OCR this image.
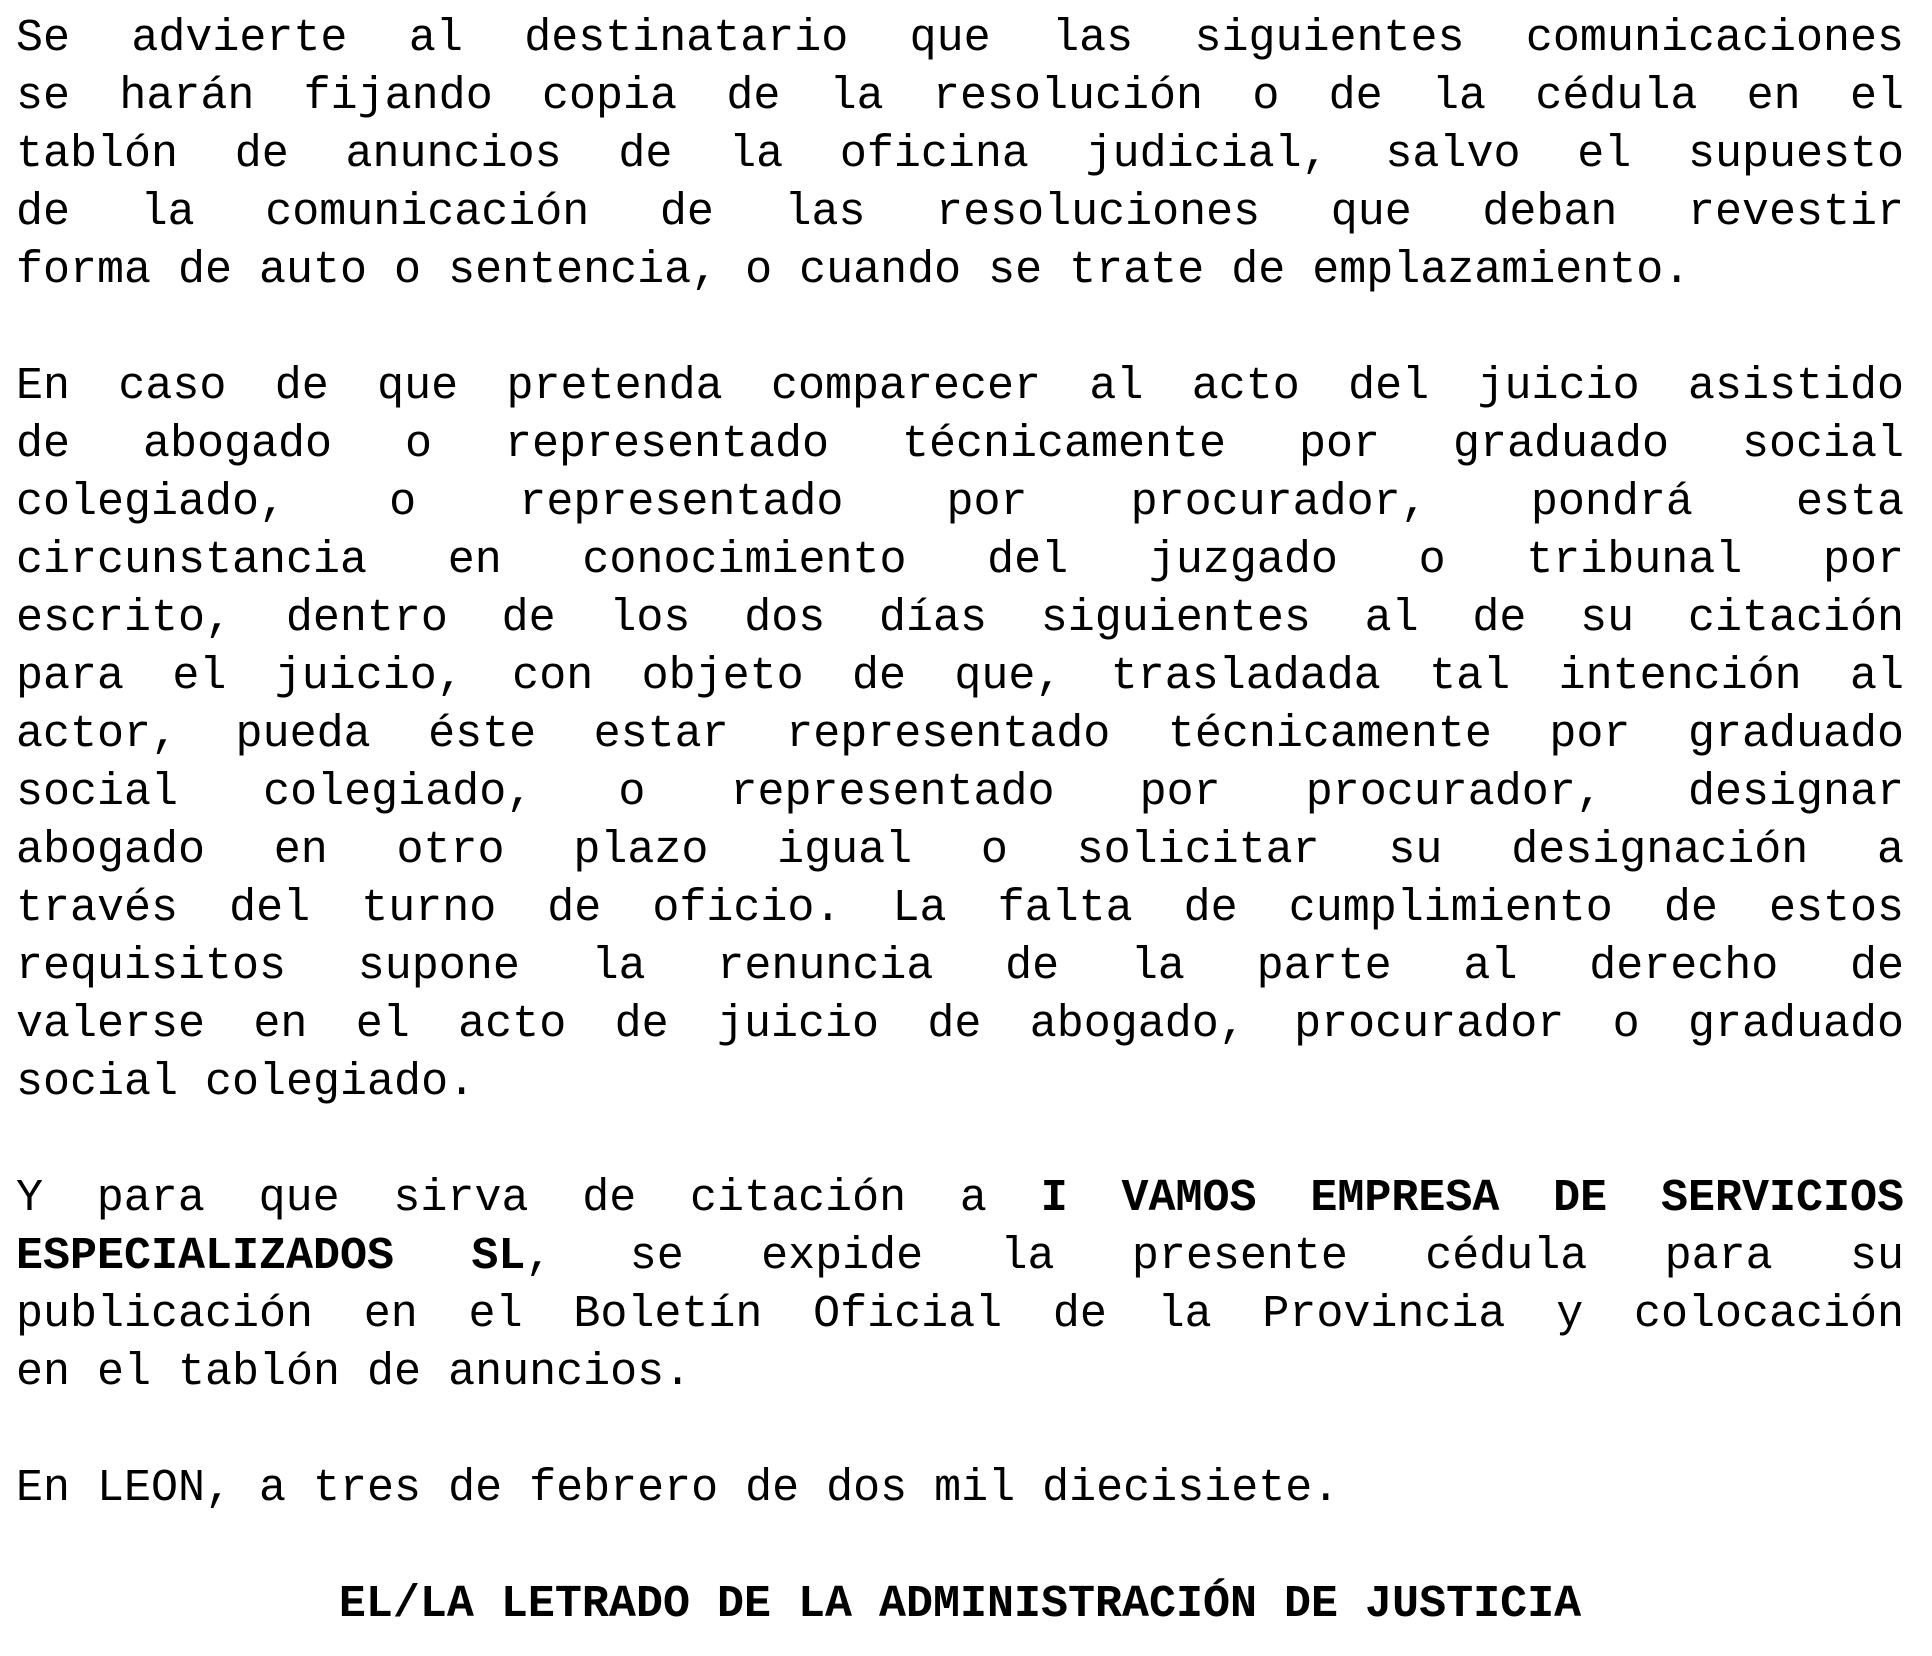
Se advierte al destinatario que las siguientes comunicaciones
se harán fijando copia de la resolución o de la cédula en el
tablón de anuncios de la oficina judicial, salvo el supuesto
de la comunicación de las resoluciones que deban revestir
forma de auto o sentencia, o cuando se trate de emplazamiento.
En caso de que pretenda comparecer al acto del juicio asistido
de abogado o representado técnicamente por graduado social
colegiado, o representado por procurador, pondrá esta
circunstancia en conocimiento del juzgado o tribunal por
escrito, dentro de los dos días siguientes al de su citación
para el juicio, con objeto de que, trasladada tal intención al
actor, pueda éste estar representado técnicamente por graduado
social colegiado, o representado por procurador, designar
abogado en otro plazo igual o solicitar su designación a
través del turno de oficio. La falta de cumplimiento de estos
requisitos supone la renuncia de la parte al derecho de
valerse en el acto de juicio de abogado, procurador o graduado
social colegiado.
Y para que sirva de citación a I VAMOS EMPRESA DE SERVICIOS
ESPECIALIZADOS SL, se expide la presente cédula para su
publicación en el Boletín Oficial de la Provincia y colocación
en el tablón de anuncios.
En LEON, a tres de febrero de dos mil diecisiete.
EL/LA LETRADO DE LA ADMINISTRACIÓN DE JUSTICIA
